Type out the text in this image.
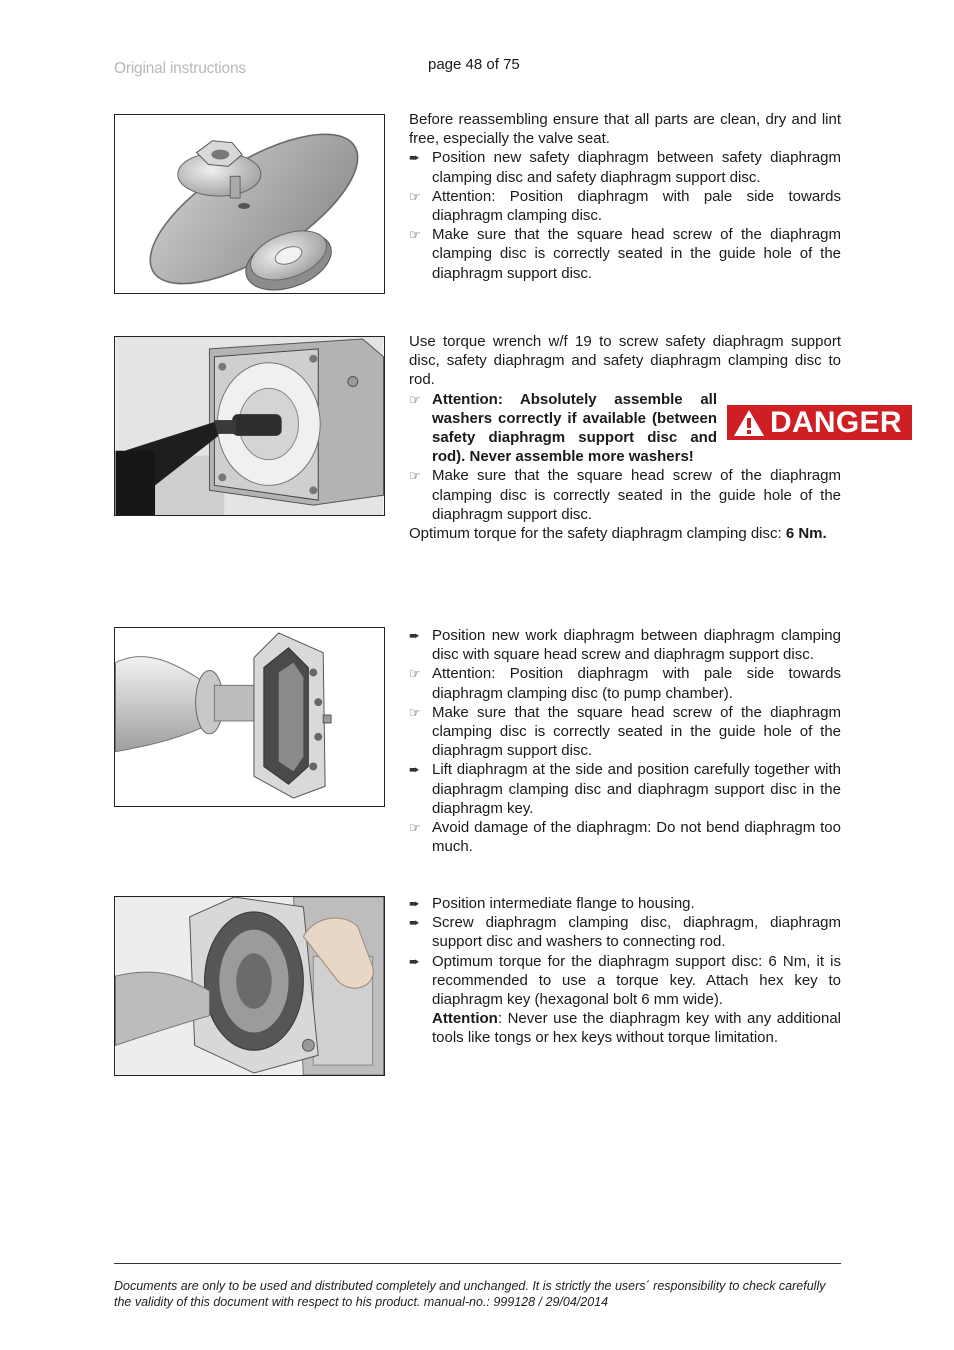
Original instructions	page 48 of 75

Before reassembling ensure that all parts are clean, dry and lint free, especially the valve seat.

➨ Position new safety diaphragm between safety diaphragm clamping disc and safety diaphragm support disc.
☞ Attention: Position diaphragm with pale side towards diaphragm clamping disc.
☞ Make sure that the square head screw of the diaphragm clamping disc is correctly seated in the guide hole of the diaphragm support disc.

Use torque wrench w/f 19 to screw safety diaphragm support disc, safety diaphragm and safety diaphragm clamping disc to rod.

☞ Attention: Absolutely assemble all washers correctly if available (between safety diaphragm support disc and rod). Never assemble more washers!
☞ Make sure that the square head screw of the diaphragm clamping disc is correctly seated in the guide hole of the diaphragm support disc.

Optimum torque for the safety diaphragm clamping disc: 6 Nm.

DANGER
➨ Position new work diaphragm between diaphragm clamping disc with square head screw and diaphragm support disc.
☞ Attention: Position diaphragm with pale side towards diaphragm clamping disc (to pump chamber).
☞ Make sure that the square head screw of the diaphragm clamping disc is correctly seated in the guide hole of the diaphragm support disc.
➨ Lift diaphragm at the side and position carefully together with diaphragm clamping disc and diaphragm support disc in the diaphragm key.
☞ Avoid damage of the diaphragm: Do not bend diaphragm too much.
➨ Position intermediate flange to housing.
➨ Screw diaphragm clamping disc, diaphragm, diaphragm support disc and washers to connecting rod.
➨ Optimum torque for the diaphragm support disc: 6 Nm, it is recommended to use a torque key. Attach hex key to diaphragm key (hexagonal bolt 6 mm wide).
Attention: Never use the diaphragm key with any additional tools like tongs or hex keys without torque limitation.
Documents are only to be used and distributed completely and unchanged. It is strictly the users´ responsibility to check carefully
the validity of this document with respect to his product. manual-no.: 999128 / 29/04/2014
